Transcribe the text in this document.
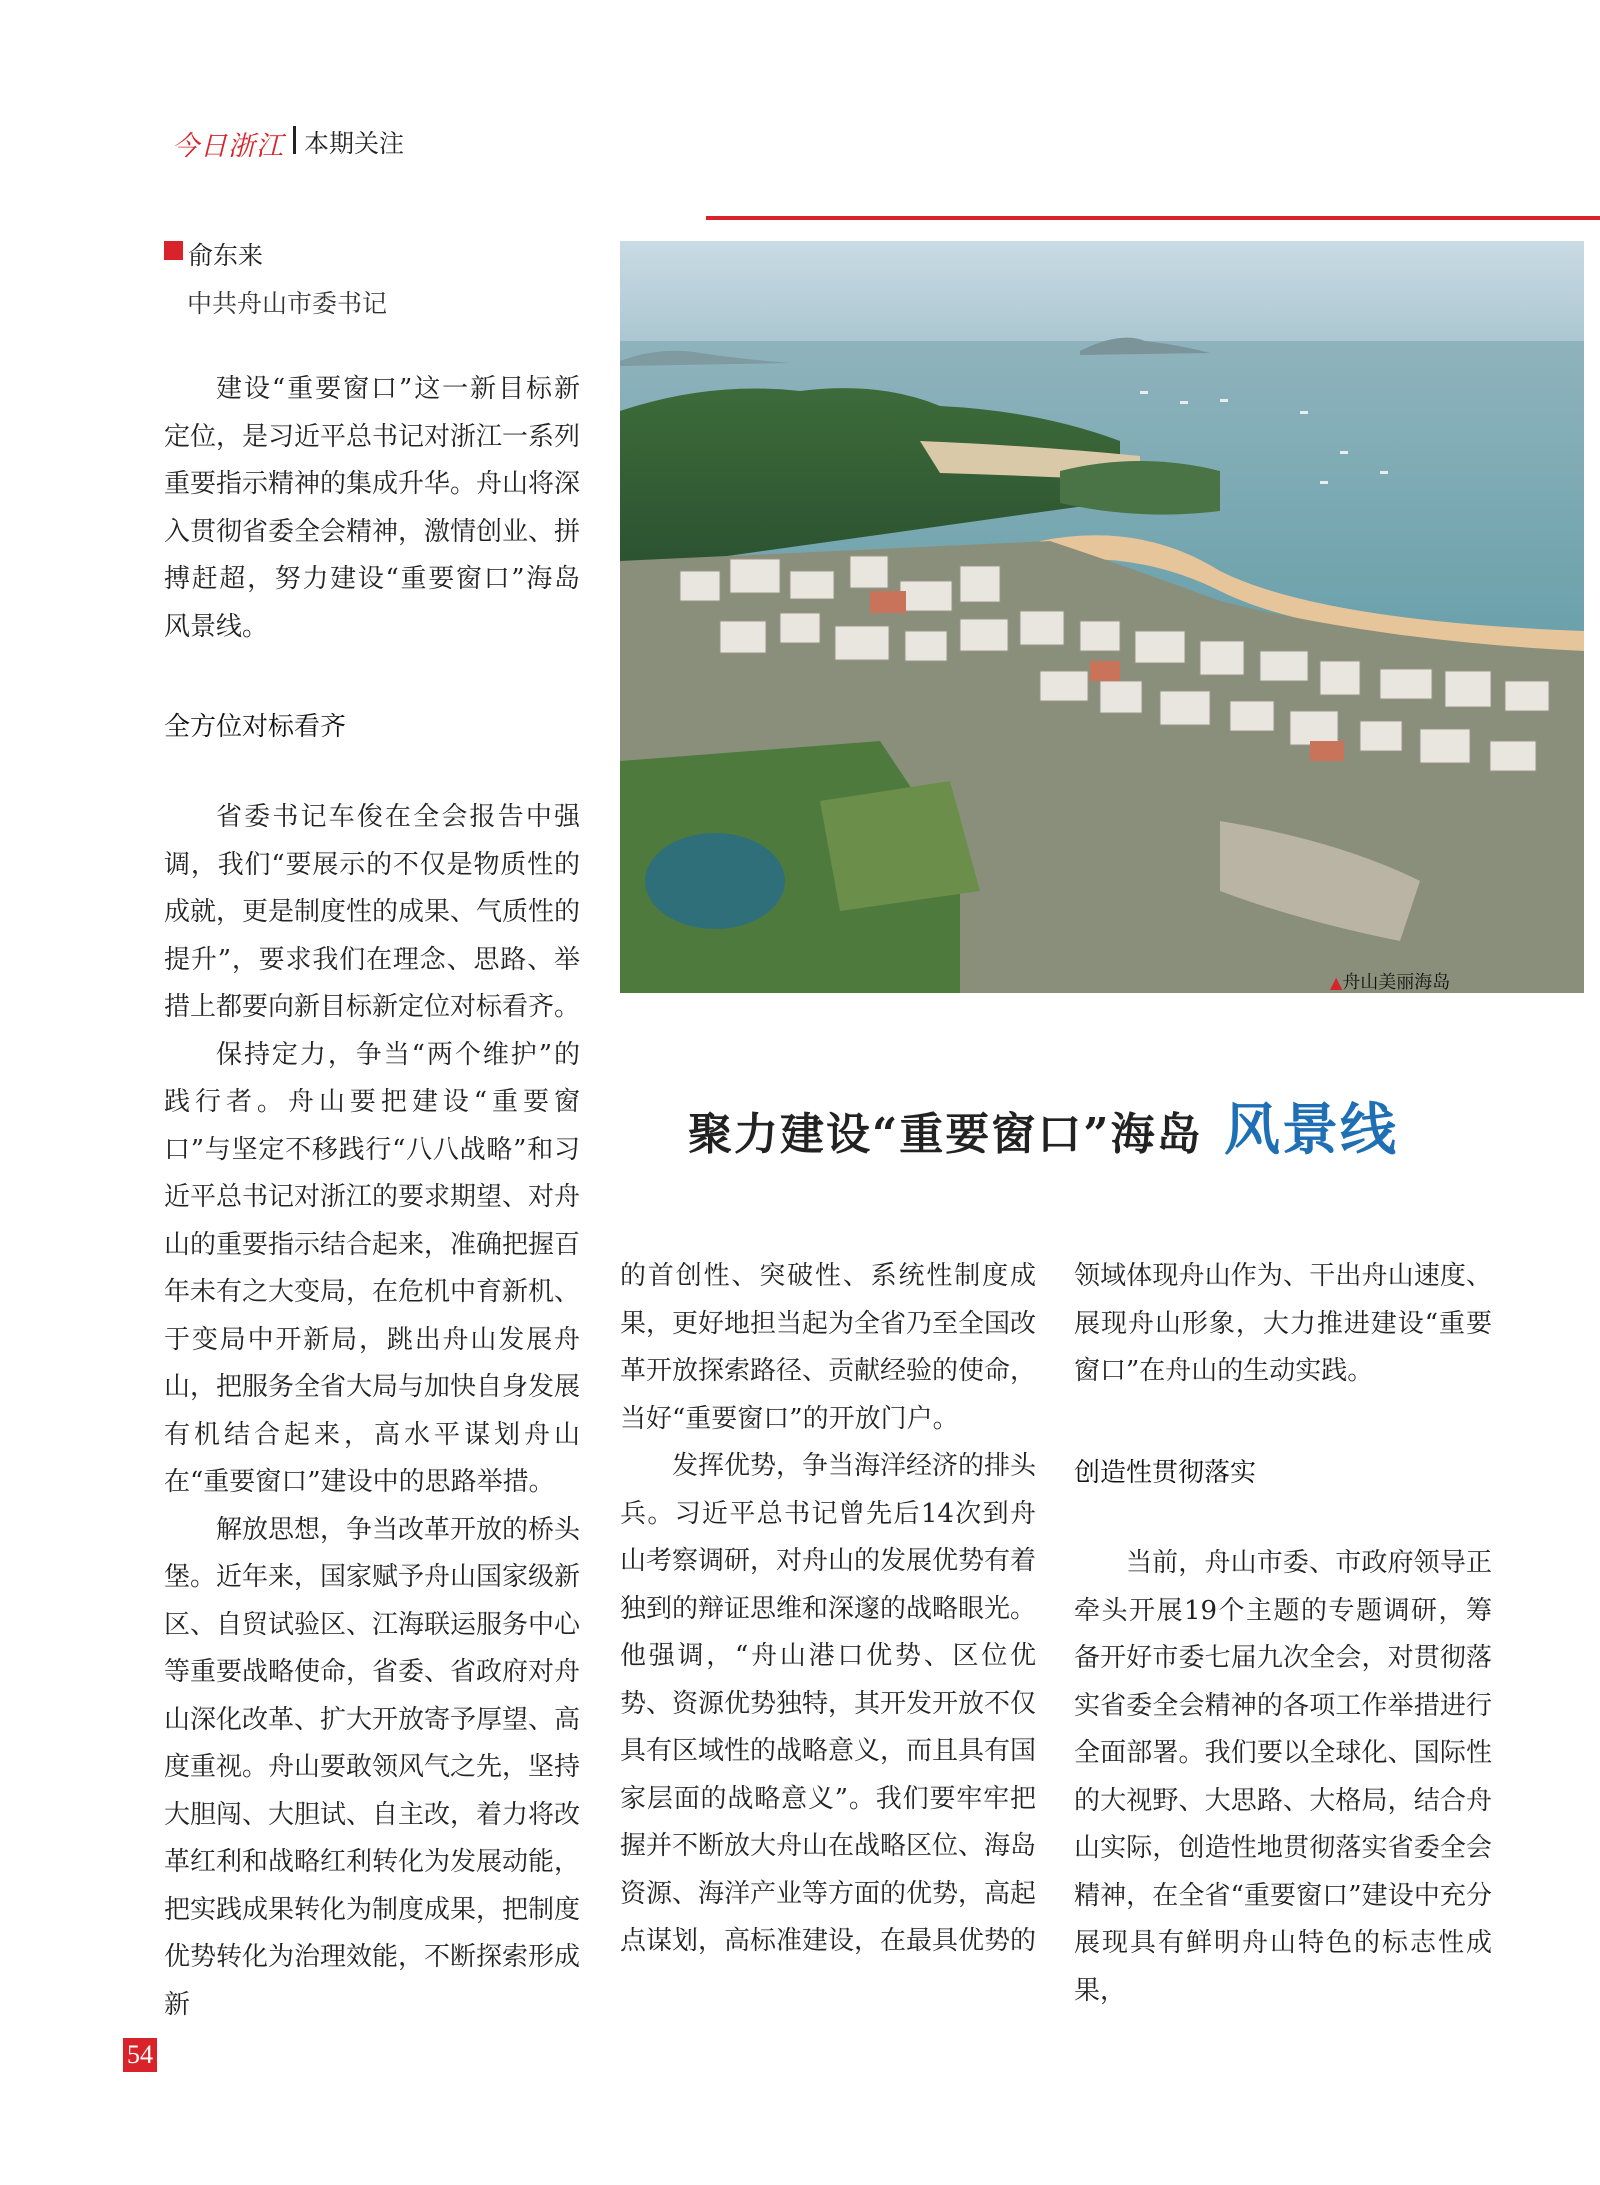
今日浙江 本期关注
俞东来
中共舟山市委书记

建设“重要窗口”这一新目标新定位，是习近平总书记对浙江一系列重要指示精神的集成升华。舟山将深入贯彻省委全会精神，激情创业、拼搏赶超，努力建设“重要窗口”海岛风景线。

全方位对标看齐

省委书记车俊在全会报告中强调，我们“要展示的不仅是物质性的成就，更是制度性的成果、气质性的提升”，要求我们在理念、思路、举措上都要向新目标新定位对标看齐。

保持定力，争当“两个维护”的践行者。舟山要把建设“重要窗口”与坚定不移践行“八八战略”和习近平总书记对浙江的要求期望、对舟山的重要指示结合起来，准确把握百年未有之大变局，在危机中育新机、于变局中开新局，跳出舟山发展舟山，把服务全省大局与加快自身发展有机结合起来，高水平谋划舟山在“重要窗口”建设中的思路举措。

解放思想，争当改革开放的桥头堡。近年来，国家赋予舟山国家级新区、自贸试验区、江海联运服务中心等重要战略使命，省委、省政府对舟山深化改革、扩大开放寄予厚望、高度重视。舟山要敢领风气之先，坚持大胆闯、大胆试、自主改，着力将改革红利和战略红利转化为发展动能，把实践成果转化为制度成果，把制度优势转化为治理效能，不断探索形成新

▲舟山美丽海岛
聚力建设“重要窗口”海岛 风景线

的首创性、突破性、系统性制度成果，更好地担当起为全省乃至全国改革开放探索路径、贡献经验的使命，当好“重要窗口”的开放门户。

发挥优势，争当海洋经济的排头兵。习近平总书记曾先后14次到舟山考察调研，对舟山的发展优势有着独到的辩证思维和深邃的战略眼光。他强调，“舟山港口优势、区位优势、资源优势独特，其开发开放不仅具有区域性的战略意义，而且具有国家层面的战略意义”。我们要牢牢把握并不断放大舟山在战略区位、海岛资源、海洋产业等方面的优势，高起点谋划，高标准建设，在最具优势的

领域体现舟山作为、干出舟山速度、展现舟山形象，大力推进建设“重要窗口”在舟山的生动实践。

创造性贯彻落实

当前，舟山市委、市政府领导正牵头开展19个主题的专题调研，筹备开好市委七届九次全会，对贯彻落实省委全会精神的各项工作举措进行全面部署。我们要以全球化、国际性的大视野、大思路、大格局，结合舟山实际，创造性地贯彻落实省委全会精神，在全省“重要窗口”建设中充分展现具有鲜明舟山特色的标志性成果，

54
